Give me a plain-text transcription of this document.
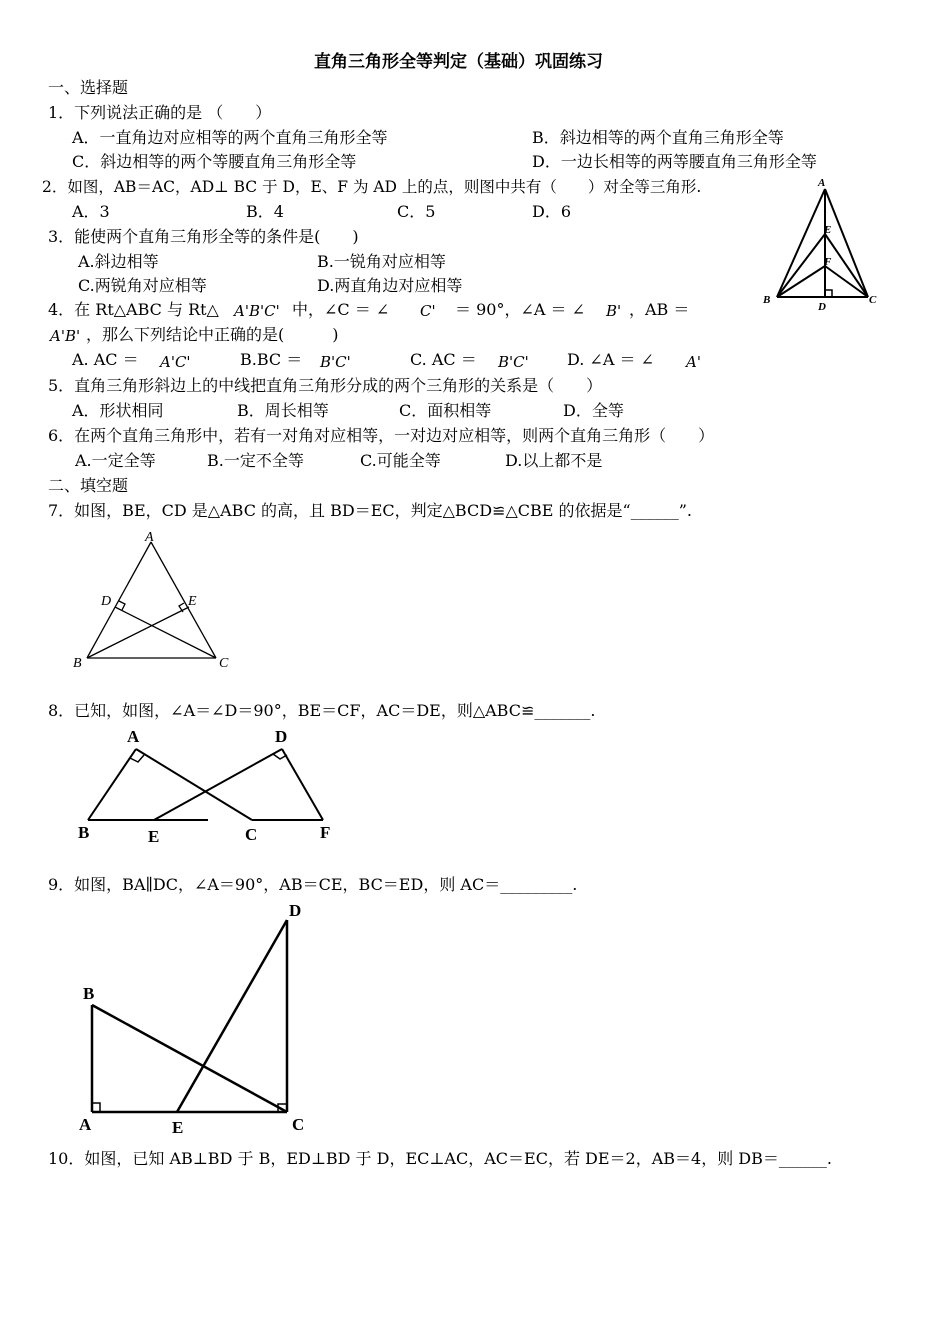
直角三角形全等判定（基础）巩固练习
一、选择题
1．下列说法正确的是 （　　）
A．一直角边对应相等的两个直角三角形全等	B．斜边相等的两个直角三角形全等
C．斜边相等的两个等腰直角三角形全等	D．一边长相等的两等腰直角三角形全等
2．如图，AB＝AC，AD⊥ BC 于 D，E、F 为 AD 上的点，则图中共有（　　）对全等三角形.
A．3	B．4	C．5	D．6
A
B	C
D
E
F
3．能使两个直角三角形全等的条件是(　　)
A.斜边相等	B.一锐角对应相等
C.两锐角对应相等	D.两直角边对应相等
4．在 Rt△ABC 与 Rt△ A'B'C' 中，∠C ＝ ∠ C' ＝ 90°，∠A ＝ ∠ B' ，AB ＝
A'B' ，那么下列结论中正确的是(　　　)
A. AC ＝ A'C'	B.BC ＝ B'C'	C. AC ＝ B'C' D. ∠A ＝ ∠ A'
5．直角三角形斜边上的中线把直角三角形分成的两个三角形的关系是（　　）
A．形状相同	B．周长相等	C．面积相等	D．全等
6．在两个直角三角形中，若有一对角对应相等，一对边对应相等，则两个直角三角形（　　）
A.一定全等	B.一定不全等	C.可能全等	D.以上都不是
二、填空题
7．如图，BE，CD 是△ABC 的高，且 BD＝EC，判定△BCD≌△CBE 的依据是“______”.
A
D	E
B	C
8．已知，如图，∠A＝∠D＝90°，BE＝CF，AC＝DE，则△ABC≌_______.
A	D
B	E	C	F
9．如图，BA∥DC，∠A＝90°，AB＝CE，BC＝ED，则 AC＝_________.
D
B
A	E	C
10．如图，已知 AB⊥BD 于 B，ED⊥BD 于 D，EC⊥AC，AC＝EC，若 DE＝2，AB＝4，则 DB＝______.
